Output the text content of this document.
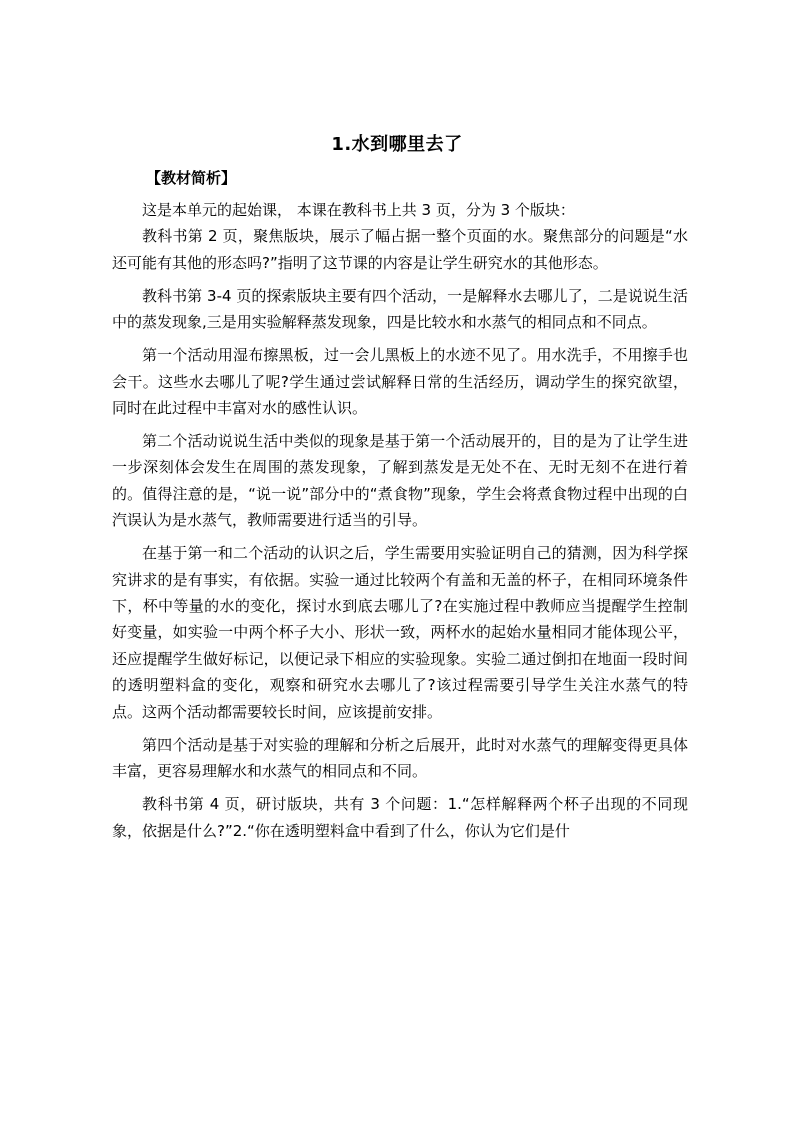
1.水到哪里去了
【教材简析】

这是本单元的起始课， 本课在教科书上共 3 页，分为 3 个版块：

教科书第 2 页，聚焦版块，展示了幅占据一整个页面的水。聚焦部分的问题是“水还可能有其他的形态吗?”指明了这节课的内容是让学生研究水的其他形态。

教科书第 3-4 页的探索版块主要有四个活动，一是解释水去哪儿了，二是说说生活中的蒸发现象,三是用实验解释蒸发现象，四是比较水和水蒸气的相同点和不同点。

第一个活动用湿布擦黑板，过一会儿黑板上的水迹不见了。用水洗手，不用擦手也会干。这些水去哪儿了呢?学生通过尝试解释日常的生活经历，调动学生的探究欲望，同时在此过程中丰富对水的感性认识。

第二个活动说说生活中类似的现象是基于第一个活动展开的，目的是为了让学生进一步深刻体会发生在周围的蒸发现象，了解到蒸发是无处不在、无时无刻不在进行着的。值得注意的是，“说一说”部分中的“煮食物”现象，学生会将煮食物过程中出现的白汽误认为是水蒸气，教师需要进行适当的引导。

在基于第一和二个活动的认识之后，学生需要用实验证明自己的猜测，因为科学探究讲求的是有事实，有依据。实验一通过比较两个有盖和无盖的杯子，在相同环境条件下，杯中等量的水的变化，探讨水到底去哪儿了?在实施过程中教师应当提醒学生控制好变量，如实验一中两个杯子大小、形状一致，两杯水的起始水量相同才能体现公平，还应提醒学生做好标记，以便记录下相应的实验现象。实验二通过倒扣在地面一段时间的透明塑料盒的变化，观察和研究水去哪儿了?该过程需要引导学生关注水蒸气的特点。这两个活动都需要较长时间，应该提前安排。

第四个活动是基于对实验的理解和分析之后展开，此时对水蒸气的理解变得更具体丰富，更容易理解水和水蒸气的相同点和不同。

教科书第 4 页，研讨版块，共有 3 个问题：1.“怎样解释两个杯子出现的不同现象，依据是什么?”2.“你在透明塑料盒中看到了什么，你认为它们是什
